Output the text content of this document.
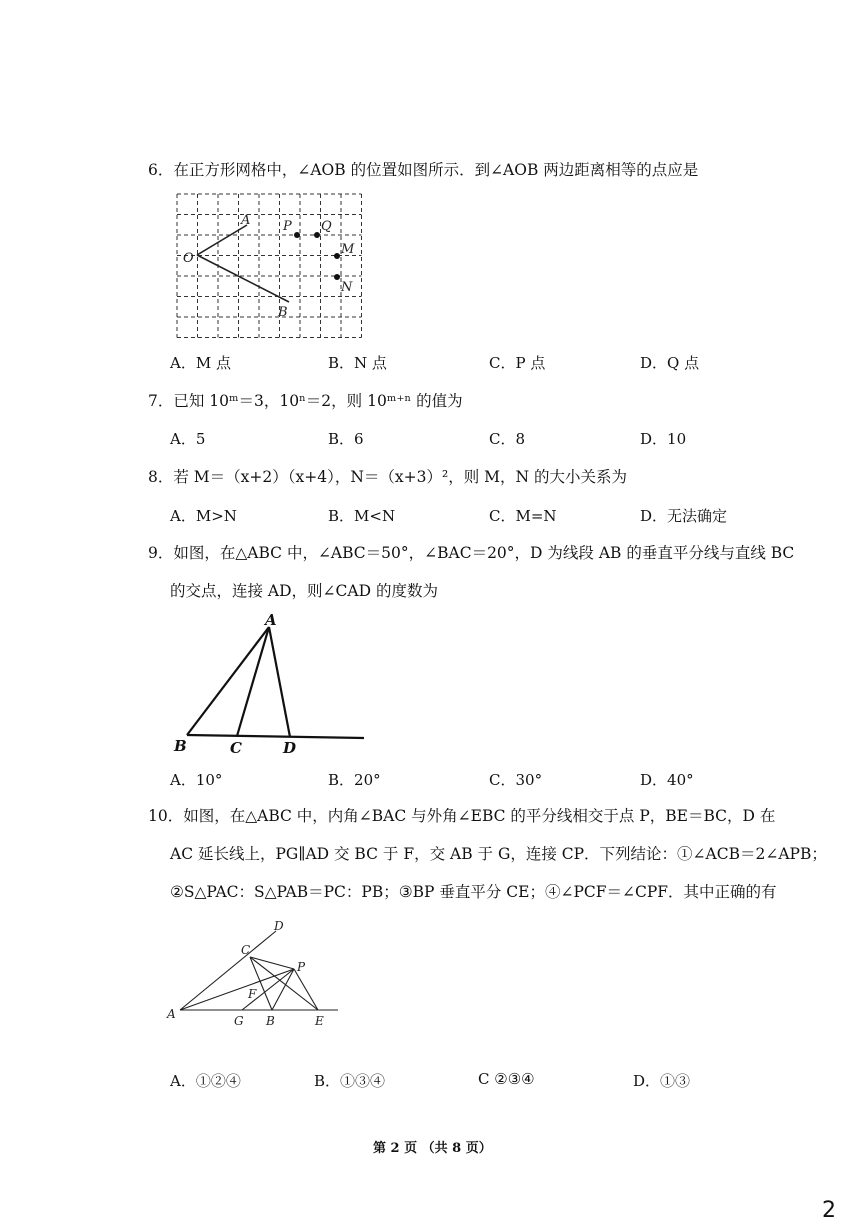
6．在正方形网格中，∠AOB 的位置如图所示．到∠AOB 两边距离相等的点应是
O
A
B
P Q
M
N
A．M 点	B．N 点	C．P 点	D．Q 点
7．已知 10ᵐ＝3，10ⁿ＝2，则 10ᵐ⁺ⁿ 的值为
A．5	B．6	C．8	D．10
8．若 M＝（x+2）（x+4），N＝（x+3）²，则 M，N 的大小关系为
A．M>N	B．M<N	C．M=N	D．无法确定
9．如图，在△ABC 中，∠ABC＝50°，∠BAC＝20°，D 为线段 AB 的垂直平分线与直线 BC
的交点，连接 AD，则∠CAD 的度数为
A
B	C	D
A．10°	B．20°	C．30°	D．40°
10．如图，在△ABC 中，内角∠BAC 与外角∠EBC 的平分线相交于点 P，BE＝BC，D 在
AC 延长线上，PG∥AD 交 BC 于 F，交 AB 于 G，连接 CP．下列结论：①∠ACB＝2∠APB；
②S△PAC：S△PAB＝PC：PB；③BP 垂直平分 CE；④∠PCF＝∠CPF．其中正确的有
A	B
C
D
E
F
G
P
A．①②④	B．①③④	C ②③④	D．①③
第 2 页 （共 8 页）
2
